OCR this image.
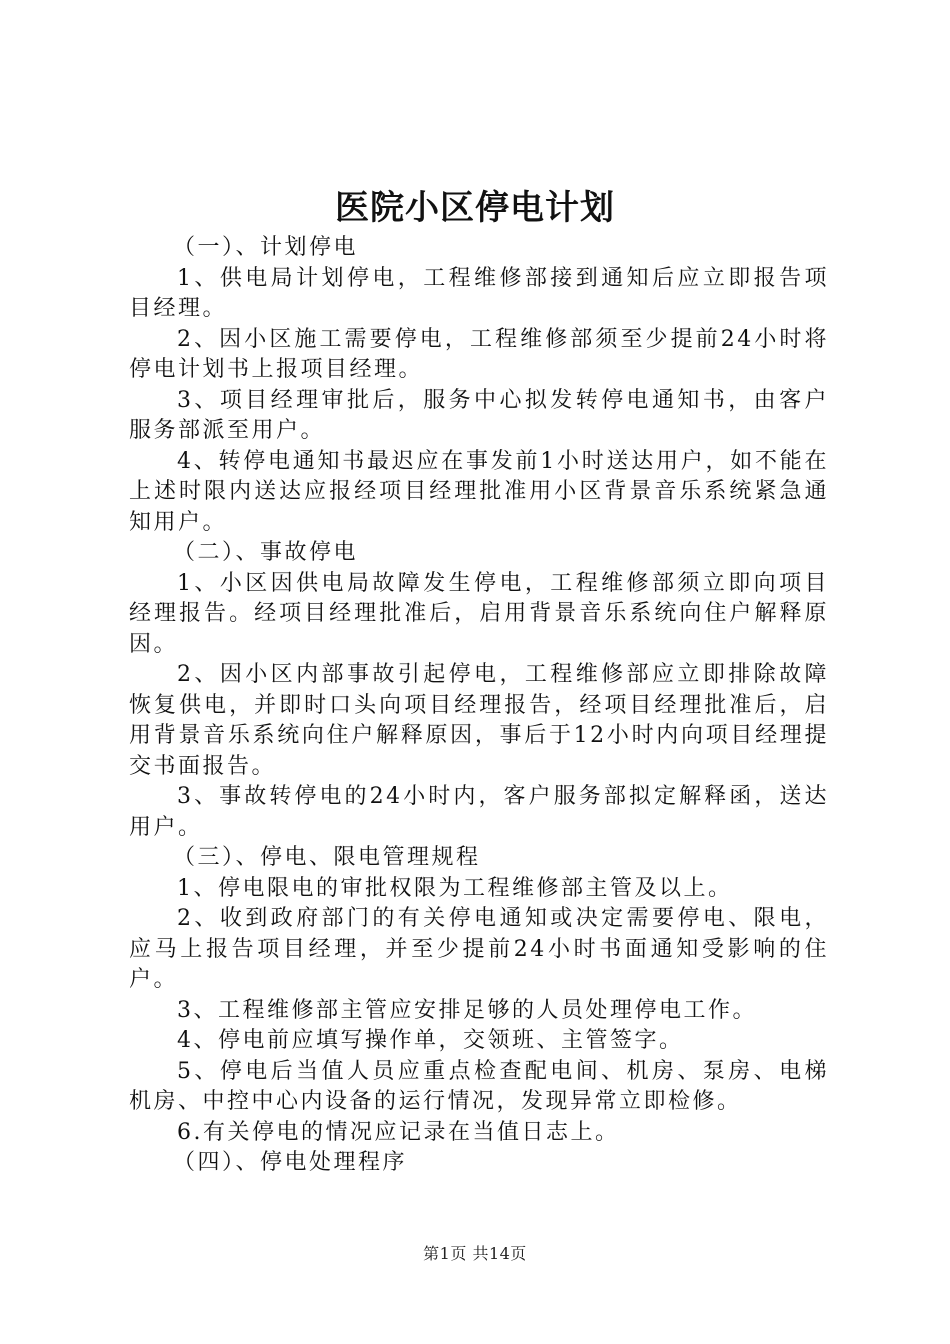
医院小区停电计划

（一）、计划停电

1、供电局计划停电，工程维修部接到通知后应立即报告项目经理。

2、因小区施工需要停电，工程维修部须至少提前24小时将停电计划书上报项目经理。

3、项目经理审批后，服务中心拟发转停电通知书，由客户服务部派至用户。

4、转停电通知书最迟应在事发前1小时送达用户，如不能在上述时限内送达应报经项目经理批准用小区背景音乐系统紧急通知用户。

（二）、事故停电

1、小区因供电局故障发生停电，工程维修部须立即向项目经理报告。经项目经理批准后，启用背景音乐系统向住户解释原因。

2、因小区内部事故引起停电，工程维修部应立即排除故障恢复供电，并即时口头向项目经理报告，经项目经理批准后，启用背景音乐系统向住户解释原因，事后于12小时内向项目经理提交书面报告。

3、事故转停电的24小时内，客户服务部拟定解释函，送达用户。

（三）、停电、限电管理规程

1、停电限电的审批权限为工程维修部主管及以上。

2、收到政府部门的有关停电通知或决定需要停电、限电，应马上报告项目经理，并至少提前24小时书面通知受影响的住户。

3、工程维修部主管应安排足够的人员处理停电工作。

4、停电前应填写操作单，交领班、主管签字。

5、停电后当值人员应重点检查配电间、机房、泵房、电梯机房、中控中心内设备的运行情况，发现异常立即检修。

6.有关停电的情况应记录在当值日志上。

（四）、停电处理程序

第1页 共14页
